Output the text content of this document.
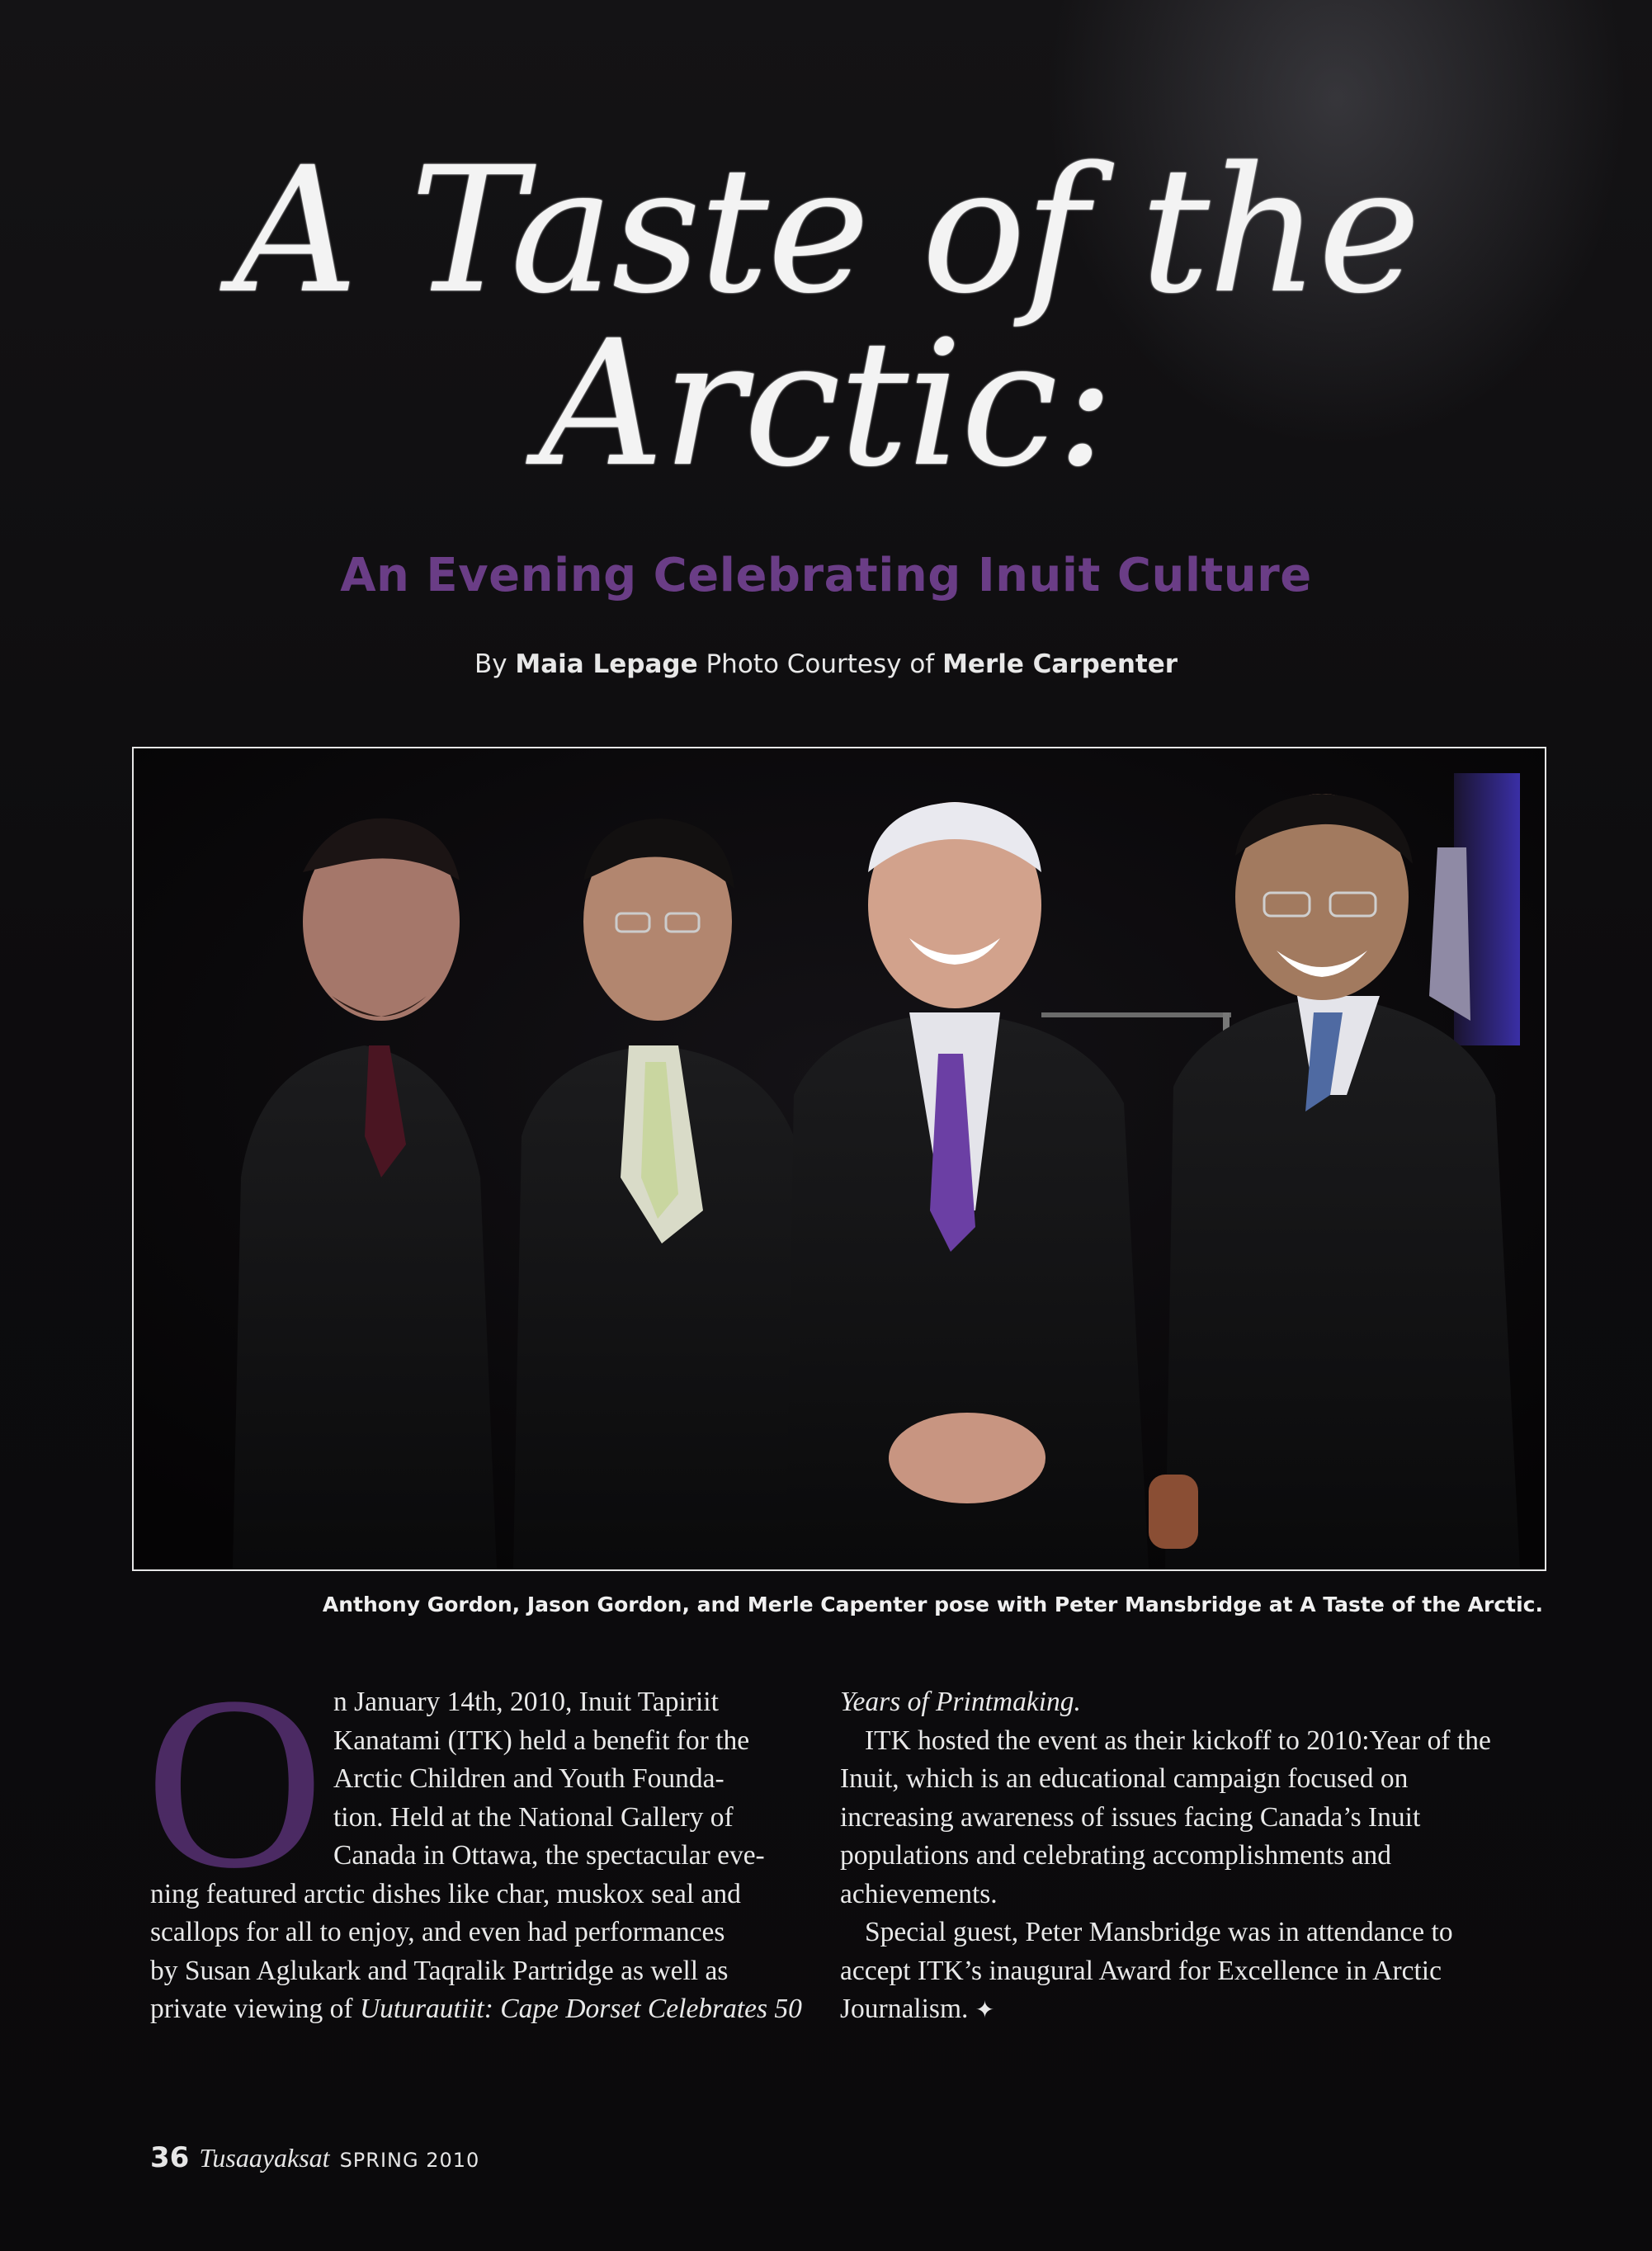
A Taste of the
Arctic:
An Evening Celebrating Inuit Culture
By Maia Lepage Photo Courtesy of Merle Carpenter
Anthony Gordon, Jason Gordon, and Merle Capenter pose with Peter Mansbridge at A Taste of the Arctic.
O n January 14th, 2010, Inuit Tapiriit

Kanatami (ITK) held a benefit for the

Arctic Children and Youth Founda-

tion. Held at the National Gallery of

Canada in Ottawa, the spectacular eve-

ning featured arctic dishes like char, muskox seal and

scallops for all to enjoy, and even had performances

by Susan Aglukark and Taqralik Partridge as well as

private viewing of Uuturautiit: Cape Dorset Celebrates 50

Years of Printmaking.

ITK hosted the event as their kickoff to 2010:Year of the Inuit, which is an educational campaign focused on increasing awareness of issues facing Canada’s Inuit populations and celebrating accomplishments and achievements.

Special guest, Peter Mansbridge was in attendance to accept ITK’s inaugural Award for Excellence in Arctic Journalism. ✦

36 Tusaayaksat SPRING 2010
